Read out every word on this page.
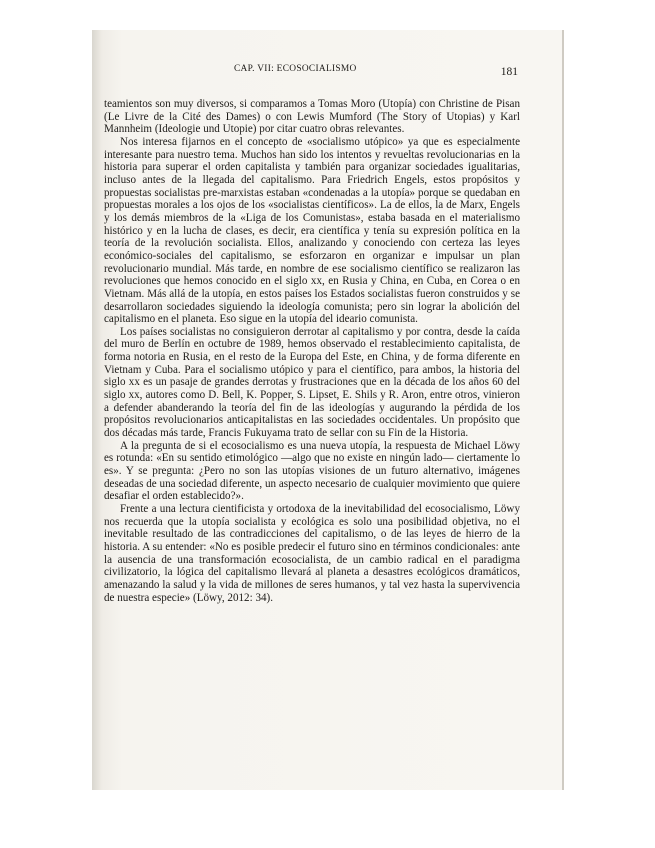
CAP. VII: ECOSOCIALISMO	181

teamientos son muy diversos, si comparamos a Tomas Moro (Utopía) con Christine de Pisan (Le Livre de la Cité des Dames) o con Lewis Mumford (The Story of Utopias) y Karl Mannheim (Ideologie und Utopie) por citar cuatro obras relevantes.

Nos interesa fijarnos en el concepto de «socialismo utópico» ya que es especialmente interesante para nuestro tema. Muchos han sido los intentos y revueltas revolucionarias en la historia para superar el orden capitalista y también para organizar sociedades igualitarias, incluso antes de la llegada del capitalismo. Para Friedrich Engels, estos propósitos y propuestas socialistas pre-marxistas estaban «condenadas a la utopía» porque se quedaban en propuestas morales a los ojos de los «socialistas científicos». La de ellos, la de Marx, Engels y los demás miembros de la «Liga de los Comunistas», estaba basada en el materialismo histórico y en la lucha de clases, es decir, era científica y tenía su expresión política en la teoría de la revolución socialista. Ellos, analizando y conociendo con certeza las leyes económico-sociales del capitalismo, se esforzaron en organizar e impulsar un plan revolucionario mundial. Más tarde, en nombre de ese socialismo científico se realizaron las revoluciones que hemos conocido en el siglo xx, en Rusia y China, en Cuba, en Corea o en Vietnam. Más allá de la utopía, en estos países los Estados socialistas fueron construidos y se desarrollaron sociedades siguiendo la ideología comunista; pero sin lograr la abolición del capitalismo en el planeta. Eso sigue en la utopía del ideario comunista.

Los países socialistas no consiguieron derrotar al capitalismo y por contra, desde la caída del muro de Berlín en octubre de 1989, hemos observado el restablecimiento capitalista, de forma notoria en Rusia, en el resto de la Europa del Este, en China, y de forma diferente en Vietnam y Cuba. Para el socialismo utópico y para el científico, para ambos, la historia del siglo xx es un pasaje de grandes derrotas y frustraciones que en la década de los años 60 del siglo xx, autores como D. Bell, K. Popper, S. Lipset, E. Shils y R. Aron, entre otros, vinieron a defender abanderando la teoría del fin de las ideologías y augurando la pérdida de los propósitos revolucionarios anticapitalistas en las sociedades occidentales. Un propósito que dos décadas más tarde, Francis Fukuyama trato de sellar con su Fin de la Historia.

A la pregunta de si el ecosocialismo es una nueva utopía, la respuesta de Michael Löwy es rotunda: «En su sentido etimológico —algo que no existe en ningún lado— ciertamente lo es». Y se pregunta: ¿Pero no son las utopías visiones de un futuro alternativo, imágenes deseadas de una sociedad diferente, un aspecto necesario de cualquier movimiento que quiere desafiar el orden establecido?».

Frente a una lectura cientificista y ortodoxa de la inevitabilidad del ecosocialismo, Löwy nos recuerda que la utopía socialista y ecológica es solo una posibilidad objetiva, no el inevitable resultado de las contradicciones del capitalismo, o de las leyes de hierro de la historia. A su entender: «No es posible predecir el futuro sino en términos condicionales: ante la ausencia de una transformación ecosocialista, de un cambio radical en el paradigma civilizatorio, la lógica del capitalismo llevará al planeta a desastres ecológicos dramáticos, amenazando la salud y la vida de millones de seres humanos, y tal vez hasta la supervivencia de nuestra especie» (Löwy, 2012: 34).
